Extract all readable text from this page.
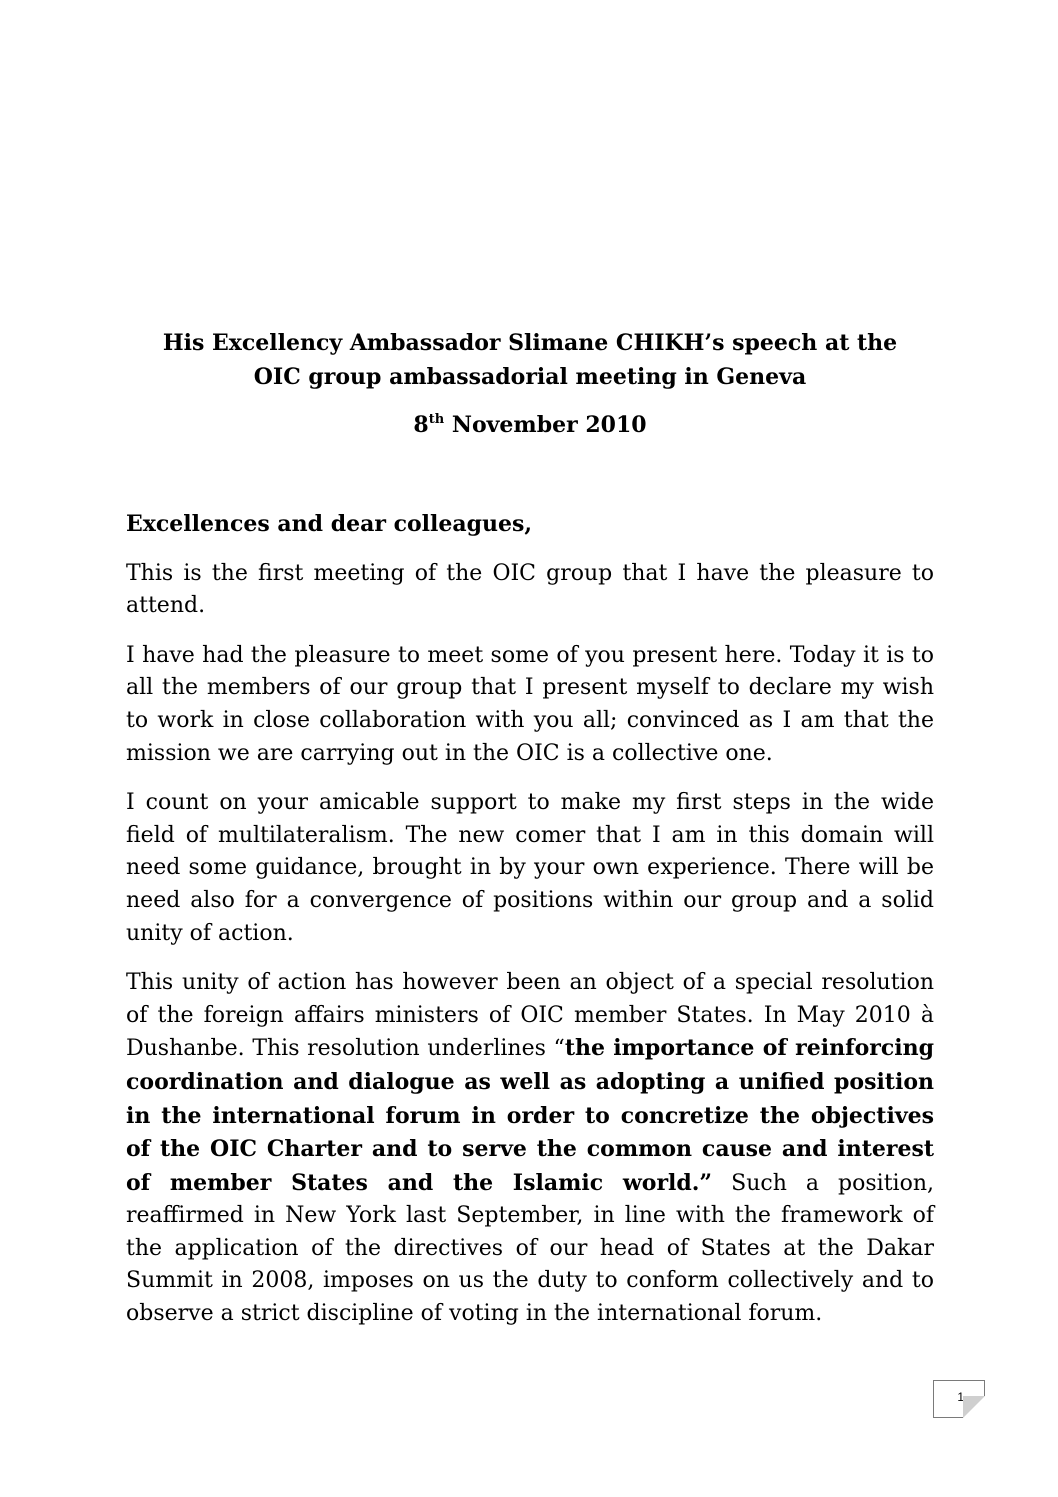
His Excellency Ambassador Slimane CHIKH’s speech at the
OIC group ambassadorial meeting in Geneva
8th November 2010

Excellences and dear colleagues,

This is the first meeting of the OIC group that I have the pleasure to attend.

I have had the pleasure to meet some of you present here. Today it is to all the members of our group that I present myself to declare my wish to work in close collaboration with you all; convinced as I am that the mission we are carrying out in the OIC is a collective one.

I count on your amicable support to make my first steps in the wide field of multilateralism. The new comer that I am in this domain will need some guidance, brought in by your own experience. There will be need also for a convergence of positions within our group and a solid unity of action.

This unity of action has however been an object of a special resolution of the foreign affairs ministers of OIC member States. In May 2010 à Dushanbe. This resolution underlines “the importance of reinforcing coordination and dialogue as well as adopting a unified position in the international forum in order to concretize the objectives of the OIC Charter and to serve the common cause and interest of member States and the Islamic world.” Such a position, reaffirmed in New York last September, in line with the framework of the application of the directives of our head of States at the Dakar Summit in 2008, imposes on us the duty to conform collectively and to observe a strict discipline of voting in the international forum.

1
